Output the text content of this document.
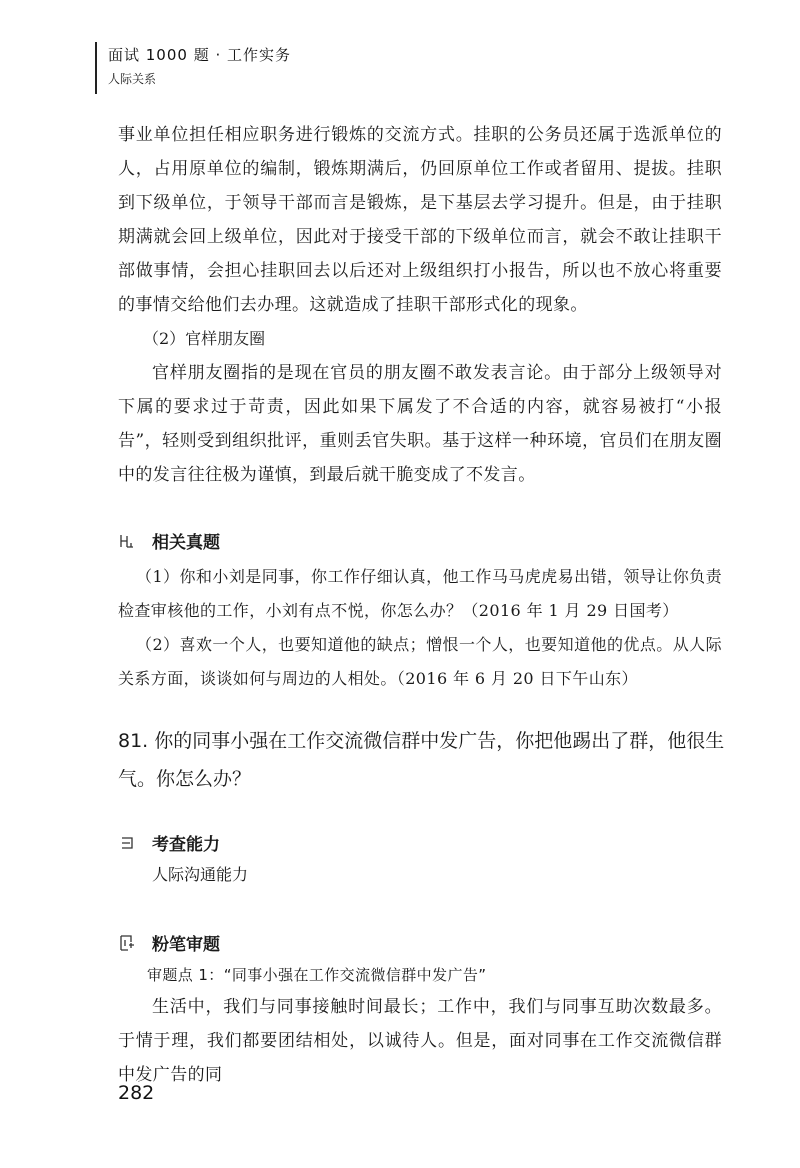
面试 1000 题 · 工作实务
人际关系

事业单位担任相应职务进行锻炼的交流方式。挂职的公务员还属于选派单位的人，占用原单位的编制，锻炼期满后，仍回原单位工作或者留用、提拔。挂职到下级单位，于领导干部而言是锻炼，是下基层去学习提升。但是，由于挂职期满就会回上级单位，因此对于接受干部的下级单位而言，就会不敢让挂职干部做事情，会担心挂职回去以后还对上级组织打小报告，所以也不放心将重要的事情交给他们去办理。这就造成了挂职干部形式化的现象。

（2）官样朋友圈

官样朋友圈指的是现在官员的朋友圈不敢发表言论。由于部分上级领导对下属的要求过于苛责，因此如果下属发了不合适的内容，就容易被打“小报告”，轻则受到组织批评，重则丢官失职。基于这样一种环境，官员们在朋友圈中的发言往往极为谨慎，到最后就干脆变成了不发言。

相关真题

（1）你和小刘是同事，你工作仔细认真，他工作马马虎虎易出错，领导让你负责检查审核他的工作，小刘有点不悦，你怎么办？（2016 年 1 月 29 日国考）

（2）喜欢一个人，也要知道他的缺点；憎恨一个人，也要知道他的优点。从人际关系方面，谈谈如何与周边的人相处。（2016 年 6 月 20 日下午山东）

81. 你的同事小强在工作交流微信群中发广告，你把他踢出了群，他很生气。你怎么办？

考查能力

人际沟通能力

粉笔审题

审题点 1：“同事小强在工作交流微信群中发广告”

生活中，我们与同事接触时间最长；工作中，我们与同事互助次数最多。于情于理，我们都要团结相处，以诚待人。但是，面对同事在工作交流微信群中发广告的同

282
